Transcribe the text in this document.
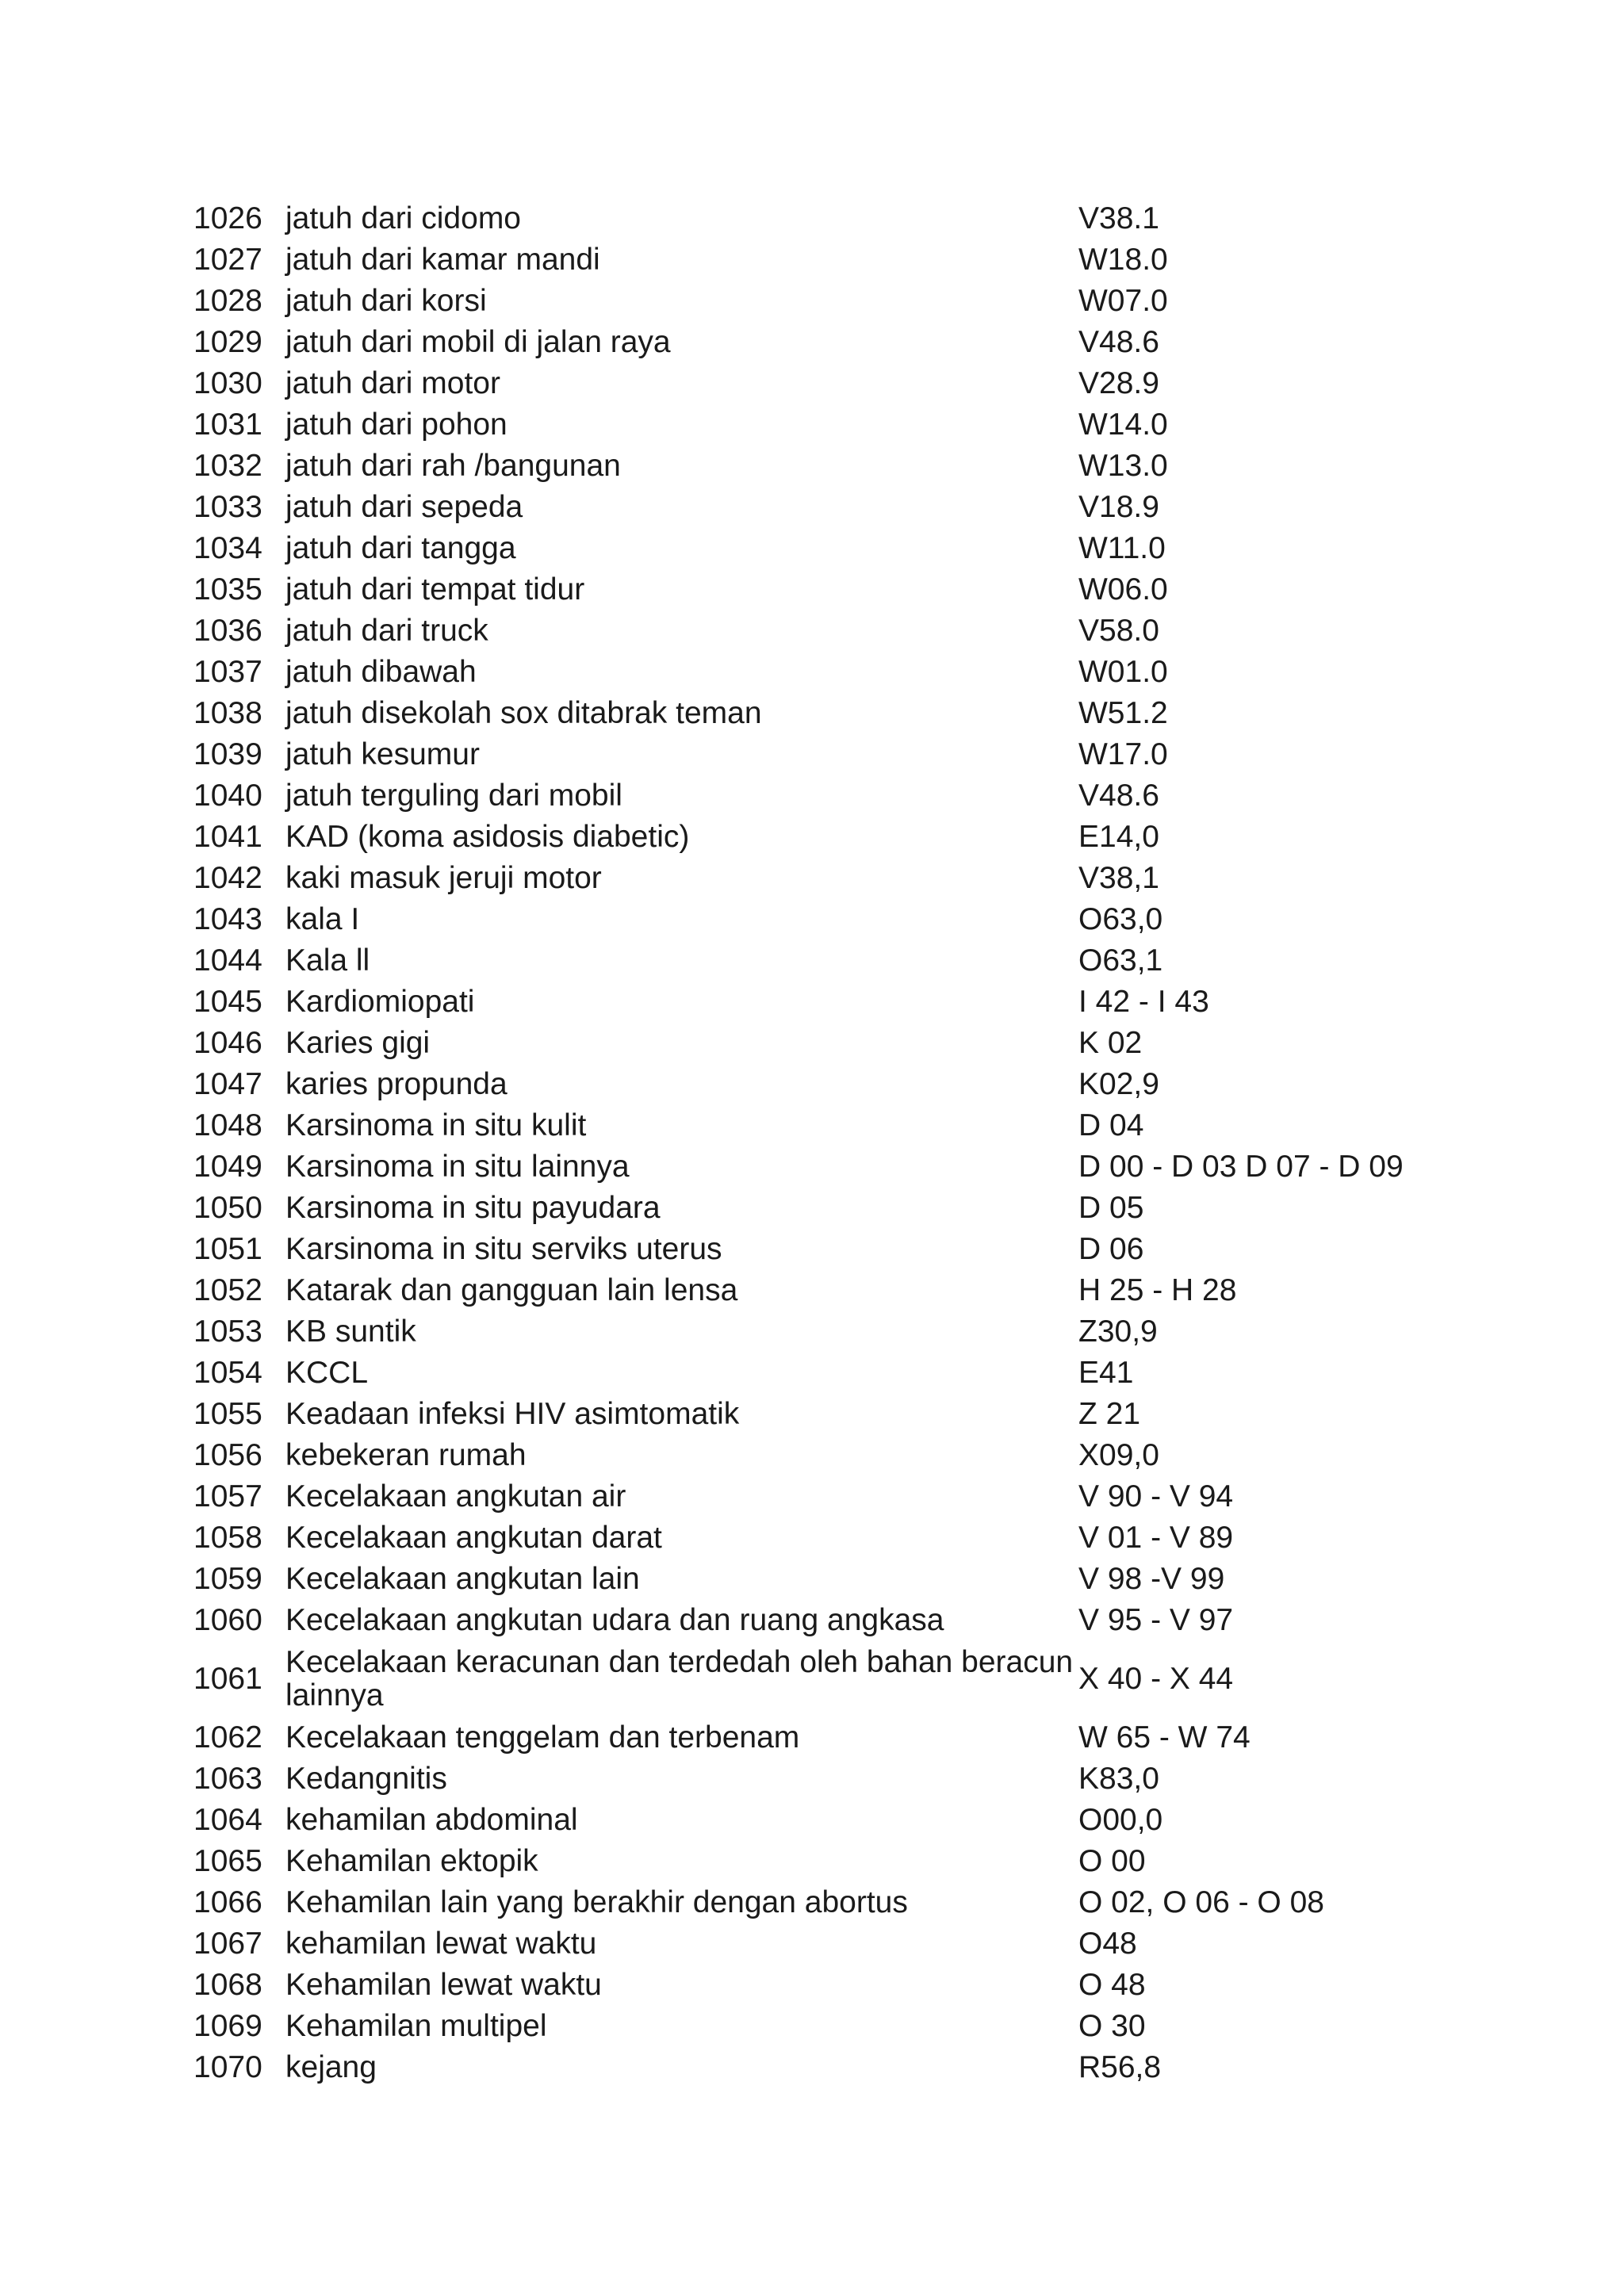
1026	jatuh dari cidomo	V38.1
1027	jatuh dari kamar mandi	W18.0
1028	jatuh dari korsi	W07.0
1029	jatuh dari mobil di jalan raya	V48.6
1030	jatuh dari motor	V28.9
1031	jatuh dari pohon	W14.0
1032	jatuh dari rah /bangunan	W13.0
1033	jatuh dari sepeda	V18.9
1034	jatuh dari tangga	W11.0
1035	jatuh dari tempat tidur	W06.0
1036	jatuh dari truck	V58.0
1037	jatuh dibawah	W01.0
1038	jatuh disekolah sox ditabrak teman	W51.2
1039	jatuh kesumur	W17.0
1040	jatuh terguling dari mobil	V48.6
1041	KAD (koma asidosis diabetic)	E14,0
1042	kaki masuk jeruji motor	V38,1
1043	kala I	O63,0
1044	Kala ll	O63,1
1045	Kardiomiopati	I 42 - I 43
1046	Karies gigi	K 02
1047	karies propunda	K02,9
1048	Karsinoma in situ kulit	D 04
1049	Karsinoma in situ lainnya	D 00 - D 03 D 07 - D 09
1050	Karsinoma in situ payudara	D 05
1051	Karsinoma in situ serviks uterus	D 06
1052	Katarak dan gangguan lain lensa	H 25 - H 28
1053	KB suntik	Z30,9
1054	KCCL	E41
1055	Keadaan infeksi HIV asimtomatik	Z 21
1056	kebekeran rumah	X09,0
1057	Kecelakaan angkutan air	V 90 - V 94
1058	Kecelakaan angkutan darat	V 01 - V 89
1059	Kecelakaan angkutan lain	V 98 -V 99
1060	Kecelakaan angkutan udara dan ruang angkasa	V 95 - V 97
1061	Kecelakaan keracunan dan terdedah oleh bahan beracun lainnya	X 40 - X 44
1062	Kecelakaan tenggelam dan terbenam	W 65 - W 74
1063	Kedangnitis	K83,0
1064	kehamilan abdominal	O00,0
1065	Kehamilan ektopik	O 00
1066	Kehamilan lain yang berakhir dengan abortus	O 02, O 06 - O 08
1067	kehamilan lewat waktu	O48
1068	Kehamilan lewat waktu	O 48
1069	Kehamilan multipel	O 30
1070	kejang	R56,8
